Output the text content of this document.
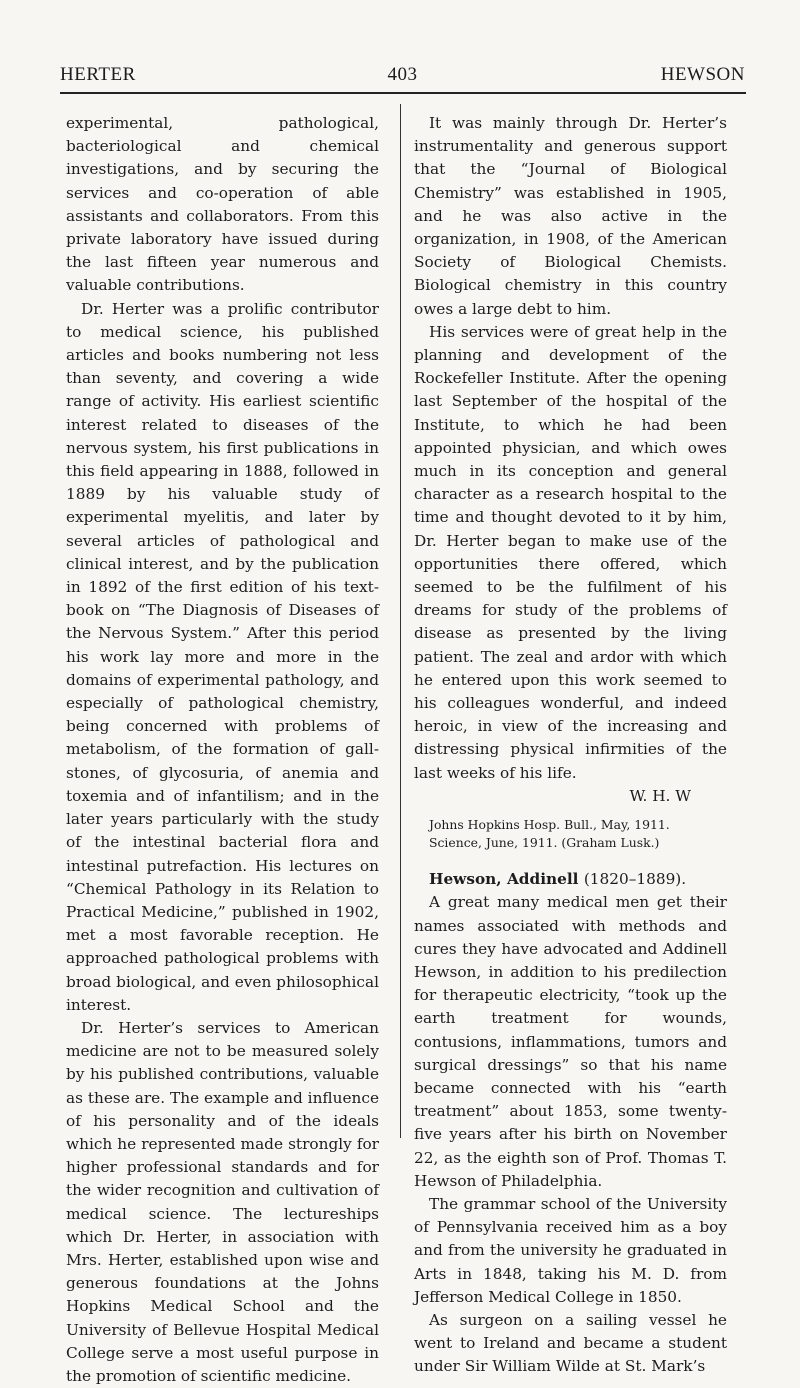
HERTER	403	HEWSON

experimental, pathological, bacteriological and chemical investigations, and by securing the services and co-operation of able assistants and collaborators. From this private laboratory have issued during the last fifteen year numerous and valuable contributions.

Dr. Herter was a prolific contributor to medical science, his published articles and books numbering not less than seventy, and covering a wide range of activity. His earliest scientific interest related to diseases of the nervous system, his first publications in this field appearing in 1888, followed in 1889 by his valuable study of experimental myelitis, and later by several articles of pathological and clinical interest, and by the publication in 1892 of the first edition of his text-book on “The Diagnosis of Diseases of the Nervous System.” After this period his work lay more and more in the domains of experimental pathology, and especially of pathological chemistry, being concerned with problems of metabolism, of the formation of gall-stones, of glycosuria, of anemia and toxemia and of infantilism; and in the later years particularly with the study of the intestinal bacterial flora and intestinal putrefaction. His lectures on “Chemical Pathology in its Relation to Practical Medicine,” published in 1902, met a most favorable reception. He approached pathological problems with broad biological, and even philosophical interest.

Dr. Herter’s services to American medicine are not to be measured solely by his published contributions, valuable as these are. The example and influence of his personality and of the ideals which he represented made strongly for higher professional standards and for the wider recognition and cultivation of medical science. The lectureships which Dr. Herter, in association with Mrs. Herter, established upon wise and generous foundations at the Johns Hopkins Medical School and the University of Bellevue Hospital Medical College serve a most useful purpose in the promotion of scientific medicine.

It was mainly through Dr. Herter’s instrumentality and generous support that the “Journal of Biological Chemistry” was established in 1905, and he was also active in the organization, in 1908, of the American Society of Biological Chemists. Biological chemistry in this country owes a large debt to him.

His services were of great help in the planning and development of the Rockefeller Institute. After the opening last September of the hospital of the Institute, to which he had been appointed physician, and which owes much in its conception and general character as a research hospital to the time and thought devoted to it by him, Dr. Herter began to make use of the opportunities there offered, which seemed to be the fulfilment of his dreams for study of the problems of disease as presented by the living patient. The zeal and ardor with which he entered upon this work seemed to his colleagues wonderful, and indeed heroic, in view of the increasing and distressing physical infirmities of the last weeks of his life.

W. H. W

Johns Hopkins Hosp. Bull., May, 1911.
Science, June, 1911. (Graham Lusk.)

Hewson, Addinell (1820–1889).

A great many medical men get their names associated with methods and cures they have advocated and Addinell Hewson, in addition to his predilection for therapeutic electricity, “took up the earth treatment for wounds, contusions, inflammations, tumors and surgical dressings” so that his name became connected with his “earth treatment” about 1853, some twenty-five years after his birth on November 22, as the eighth son of Prof. Thomas T. Hewson of Philadelphia.

The grammar school of the University of Pennsylvania received him as a boy and from the university he graduated in Arts in 1848, taking his M. D. from Jefferson Medical College in 1850.

As surgeon on a sailing vessel he went to Ireland and became a student under Sir William Wilde at St. Mark’s
